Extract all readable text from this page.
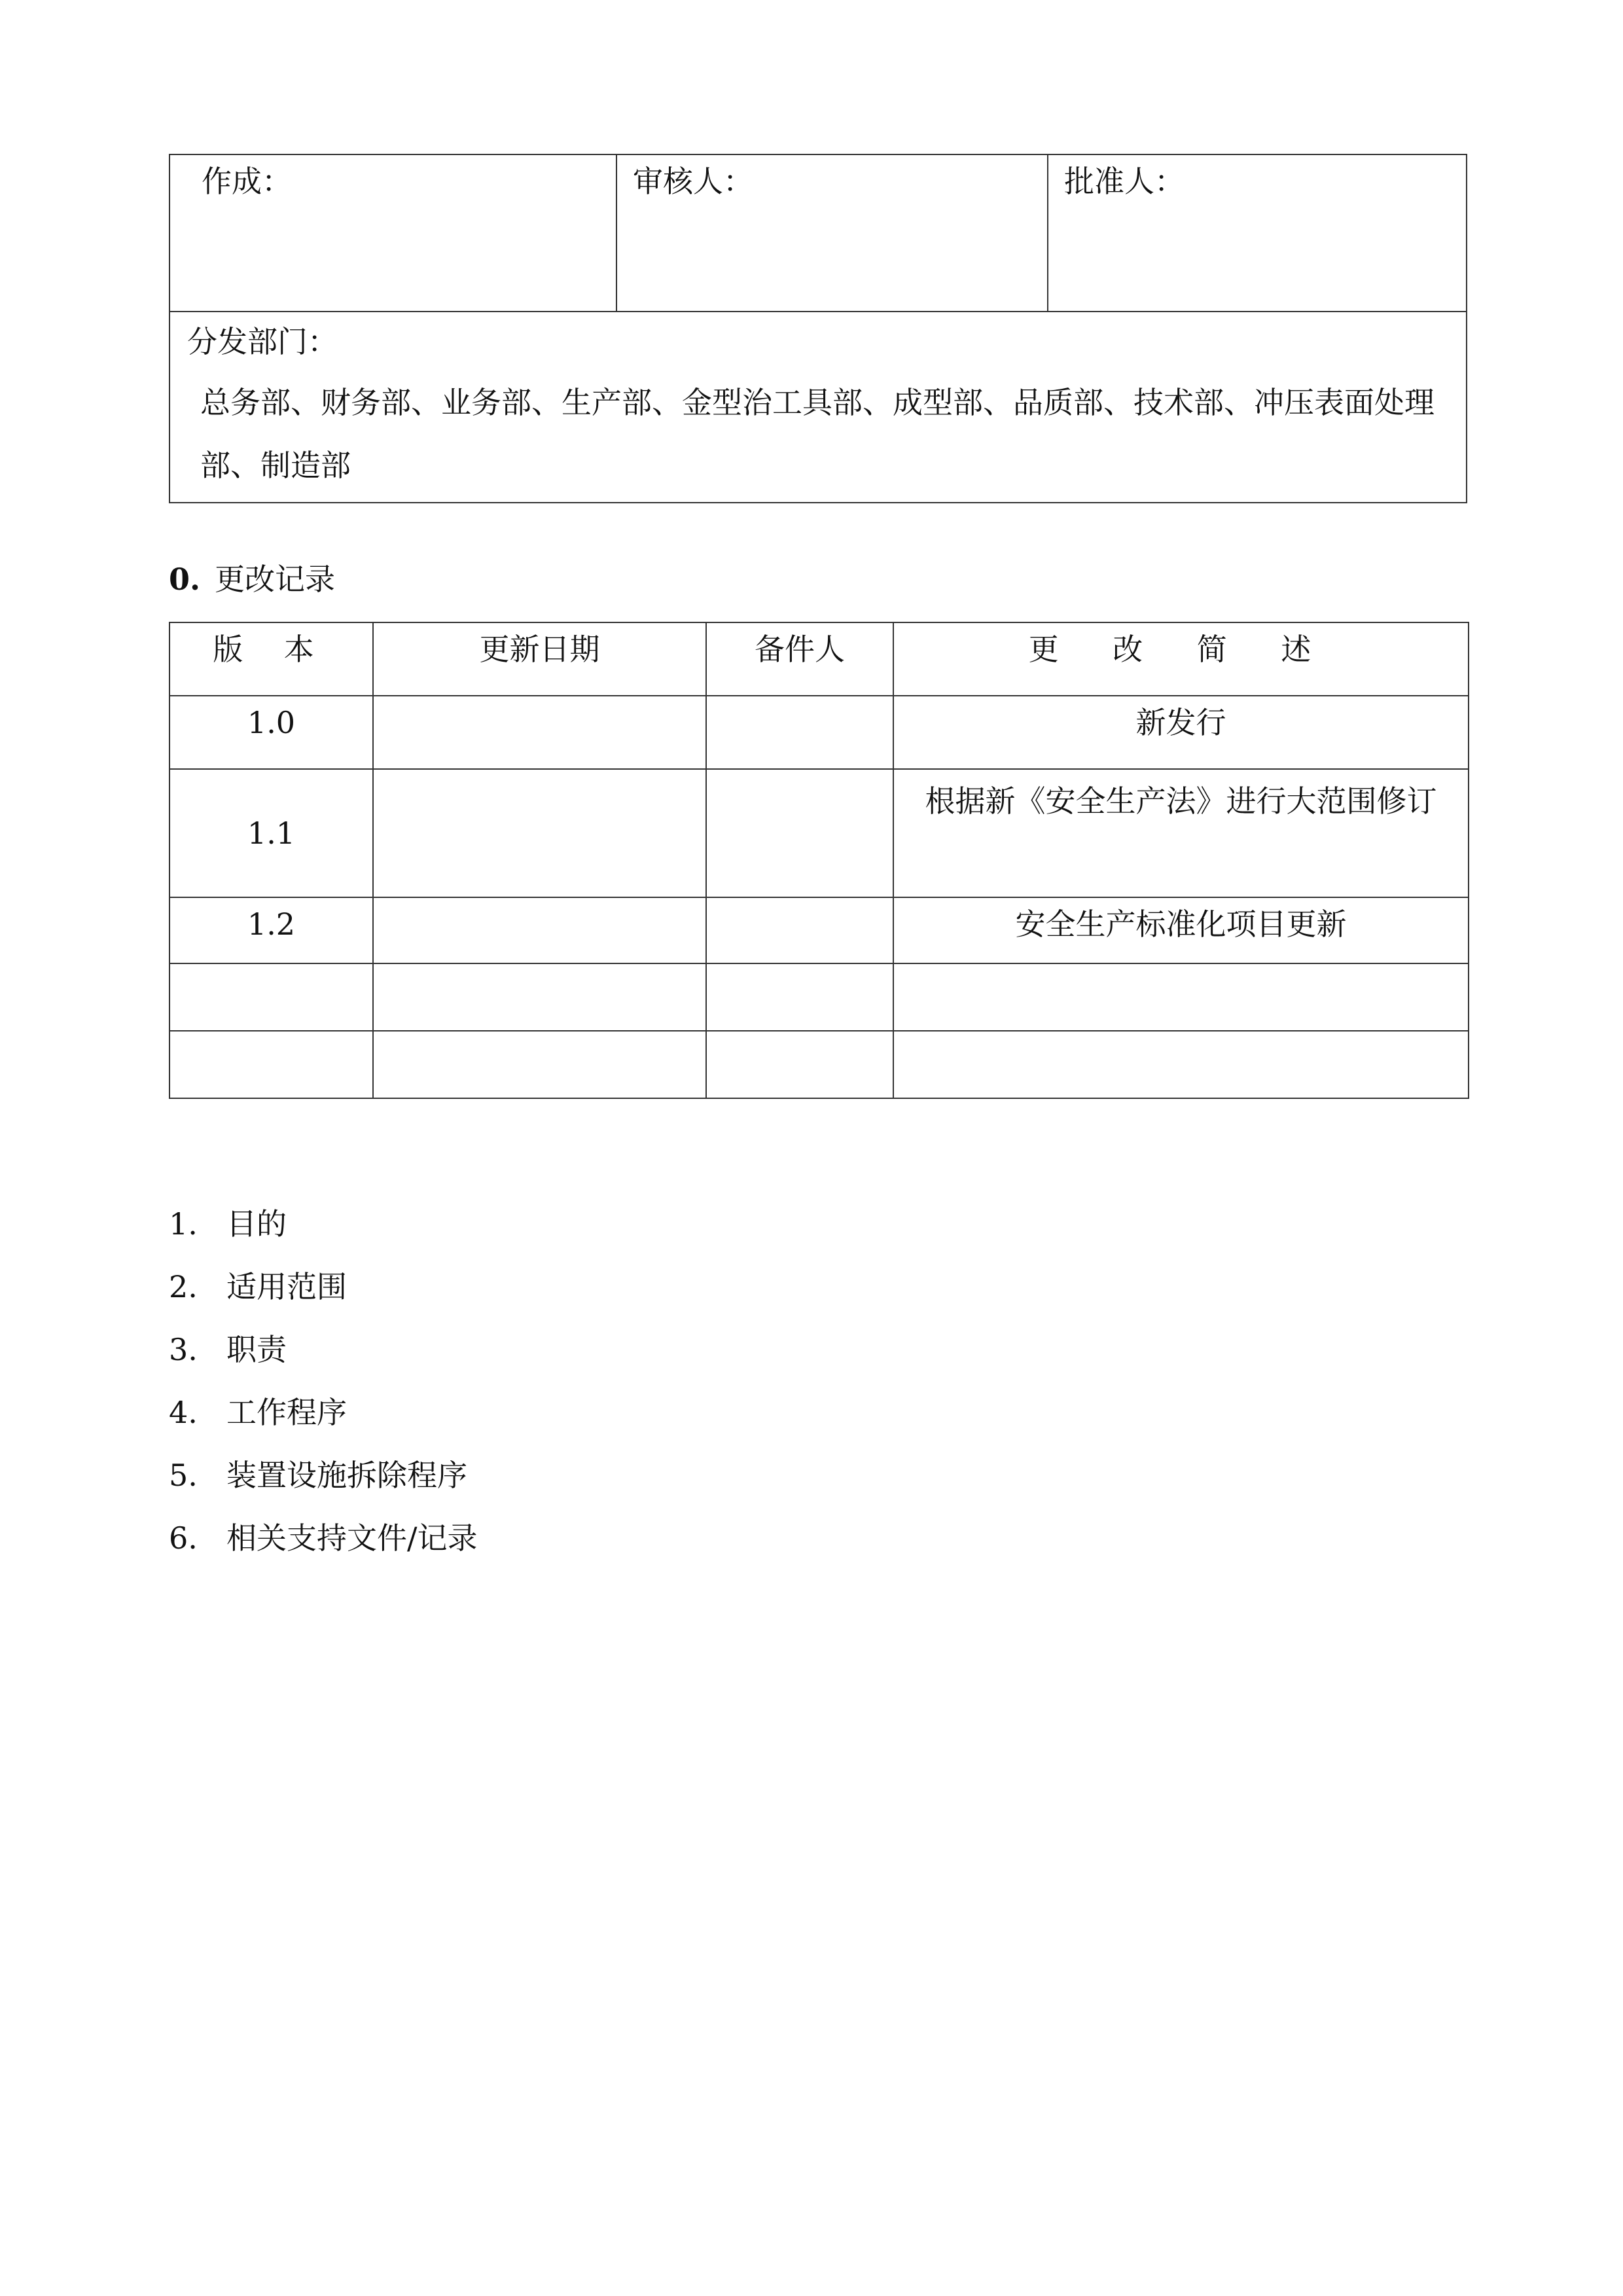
作成：	审核人：	批准人：

分发部门：
总务部、财务部、业务部、生产部、金型治工具部、成型部、品质部、技术部、冲压表面处理部、制造部
0. 更改记录
版 本	更新日期	备件人	更 改 简 述
1.0			新发行
1.1			根据新《安全生产法》进行大范围修订
1.2			安全生产标准化项目更新

1. 目的
2. 适用范围
3. 职责
4. 工作程序
5. 装置设施拆除程序
6. 相关支持文件/记录
